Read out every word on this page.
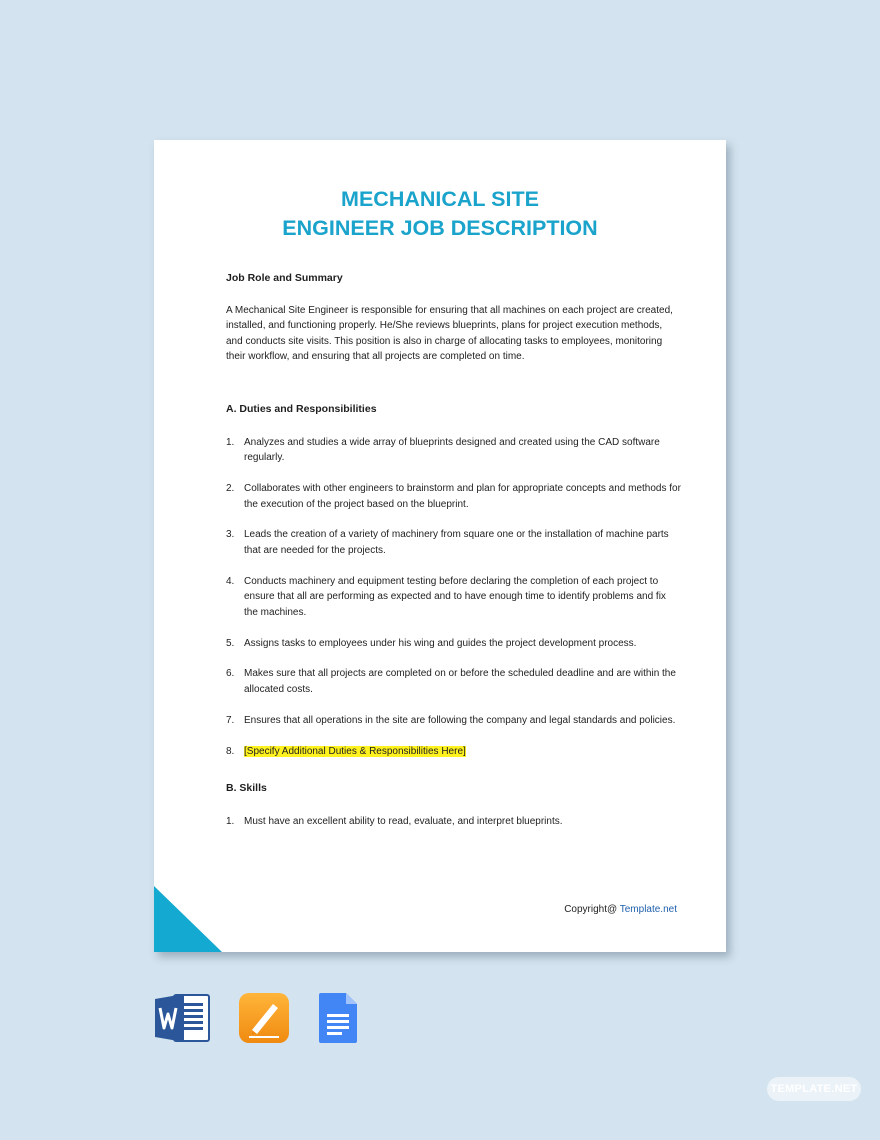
MECHANICAL SITE
ENGINEER JOB DESCRIPTION

Job Role and Summary

A Mechanical Site Engineer is responsible for ensuring that all machines on each project are created, installed, and functioning properly. He/She reviews blueprints, plans for project execution methods, and conducts site visits. This position is also in charge of allocating tasks to employees, monitoring their workflow, and ensuring that all projects are completed on time.

A. Duties and Responsibilities

1. Analyzes and studies a wide array of blueprints designed and created using the CAD software regularly.
2. Collaborates with other engineers to brainstorm and plan for appropriate concepts and methods for the execution of the project based on the blueprint.
3. Leads the creation of a variety of machinery from square one or the installation of machine parts that are needed for the projects.
4. Conducts machinery and equipment testing before declaring the completion of each project to ensure that all are performing as expected and to have enough time to identify problems and fix the machines.
5. Assigns tasks to employees under his wing and guides the project development process.
6. Makes sure that all projects are completed on or before the scheduled deadline and are within the allocated costs.
7. Ensures that all operations in the site are following the company and legal standards and policies.
8. [Specify Additional Duties & Responsibilities Here]

B. Skills

1. Must have an excellent ability to read, evaluate, and interpret blueprints.
Copyright@ Template.net
TEMPLATE.NET
